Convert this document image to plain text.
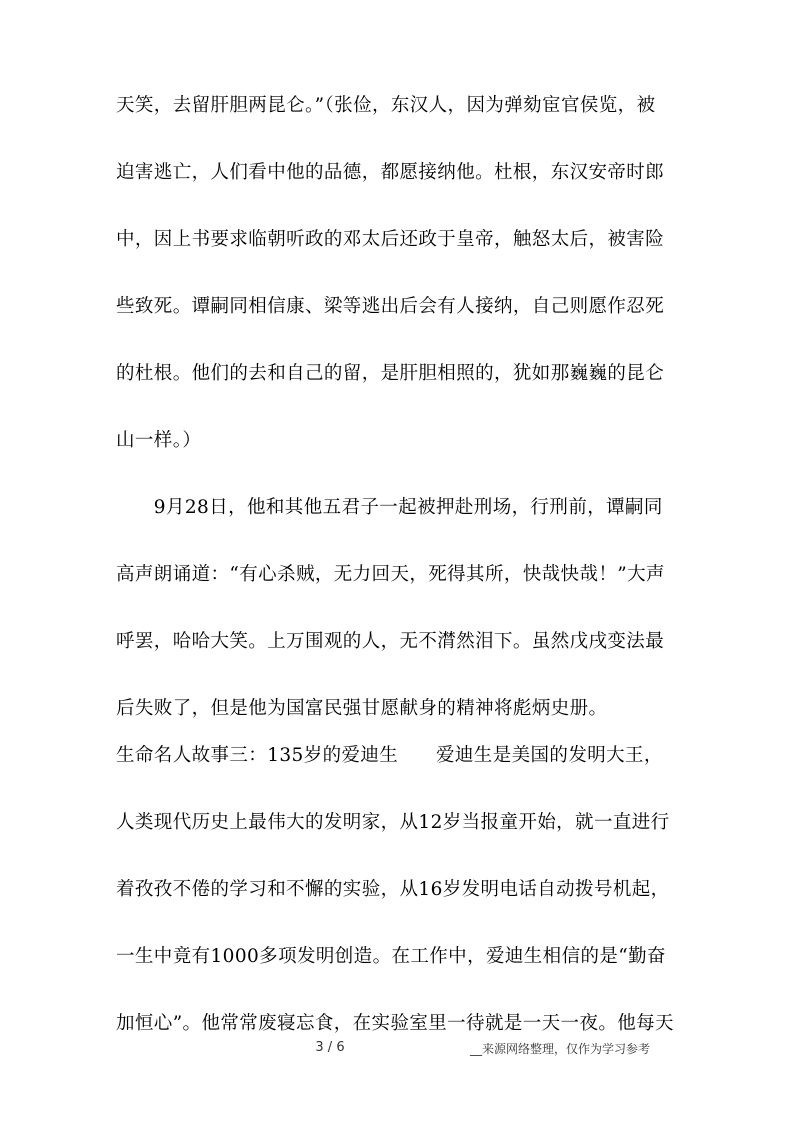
天笑，去留肝胆两昆仑。”（张俭，东汉人，因为弹劾宦官侯览，被
迫害逃亡，人们看中他的品德，都愿接纳他。杜根，东汉安帝时郎
中，因上书要求临朝听政的邓太后还政于皇帝，触怒太后，被害险
些致死。谭嗣同相信康、梁等逃出后会有人接纳，自己则愿作忍死
的杜根。他们的去和自己的留，是肝胆相照的，犹如那巍巍的昆仑
山一样。）
　　9月28日，他和其他五君子一起被押赴刑场，行刑前，谭嗣同
高声朗诵道：“有心杀贼，无力回天，死得其所，快哉快哉！”大声
呼罢，哈哈大笑。上万围观的人，无不潸然泪下。虽然戊戌变法最
后失败了，但是他为国富民强甘愿献身的精神将彪炳史册。
生命名人故事三：135岁的爱迪生　　爱迪生是美国的发明大王，
人类现代历史上最伟大的发明家，从12岁当报童开始，就一直进行
着孜孜不倦的学习和不懈的实验，从16岁发明电话自动拨号机起，
一生中竟有1000多项发明创造。在工作中，爱迪生相信的是“勤奋
加恒心”。他常常废寝忘食，在实验室里一待就是一天一夜。他每天
3 / 6	__来源网络整理，仅作为学习参考
